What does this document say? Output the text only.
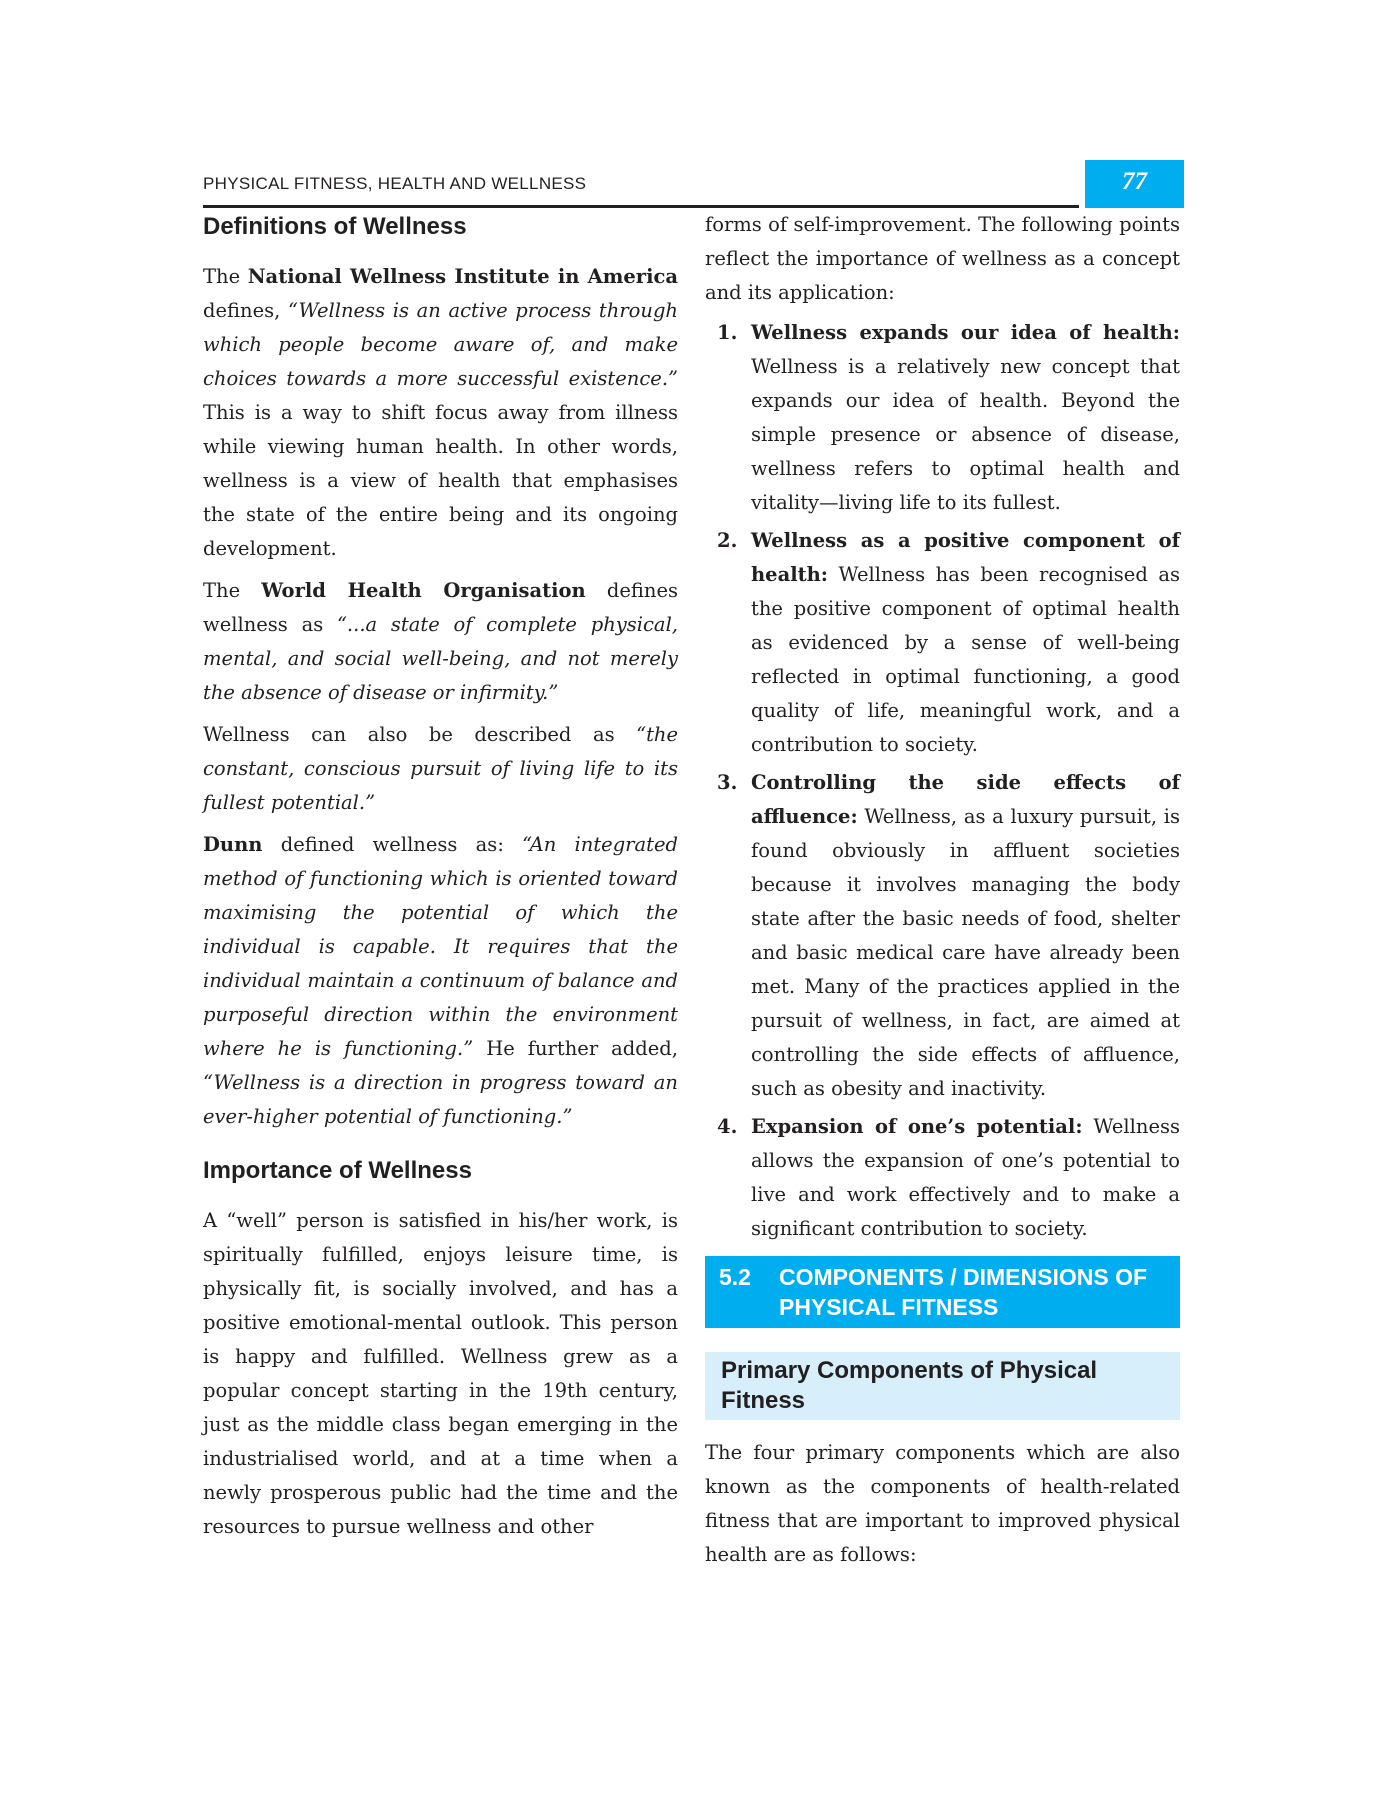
PHYSICAL FITNESS, HEALTH AND WELLNESS	77
Definitions of Wellness

The National Wellness Institute in America defines, “Wellness is an active process through which people become aware of, and make choices towards a more successful existence.” This is a way to shift focus away from illness while viewing human health. In other words, wellness is a view of health that emphasises the state of the entire being and its ongoing development.

The World Health Organisation defines wellness as “...a state of complete physical, mental, and social well-being, and not merely the absence of disease or infirmity.”

Wellness can also be described as “the constant, conscious pursuit of living life to its fullest potential.”

Dunn defined wellness as: “An integrated method of functioning which is oriented toward maximising the potential of which the individual is capable. It requires that the individual maintain a continuum of balance and purposeful direction within the environment where he is functioning.” He further added, “Wellness is a direction in progress toward an ever-higher potential of functioning.”

Importance of Wellness

A “well” person is satisfied in his/her work, is spiritually fulfilled, enjoys leisure time, is physically fit, is socially involved, and has a positive emotional-mental outlook. This person is happy and fulfilled. Wellness grew as a popular concept starting in the 19th century, just as the middle class began emerging in the industrialised world, and at a time when a newly prosperous public had the time and the resources to pursue wellness and other

forms of self-improvement. The following points reflect the importance of wellness as a concept and its application:

1. Wellness expands our idea of health: Wellness is a relatively new concept that expands our idea of health. Beyond the simple presence or absence of disease, wellness refers to optimal health and vitality—living life to its fullest.
2. Wellness as a positive component of health: Wellness has been recognised as the positive component of optimal health as evidenced by a sense of well-being reflected in optimal functioning, a good quality of life, meaningful work, and a contribution to society.
3. Controlling the side effects of affluence: Wellness, as a luxury pursuit, is found obviously in affluent societies because it involves managing the body state after the basic needs of food, shelter and basic medical care have already been met. Many of the practices applied in the pursuit of wellness, in fact, are aimed at controlling the side effects of affluence, such as obesity and inactivity.
4. Expansion of one’s potential: Wellness allows the expansion of one’s potential to live and work effectively and to make a significant contribution to society.
5.2 COMPONENTS / DIMENSIONS OF PHYSICAL FITNESS
Primary Components of Physical Fitness

The four primary components which are also known as the components of health-related fitness that are important to improved physical health are as follows:
